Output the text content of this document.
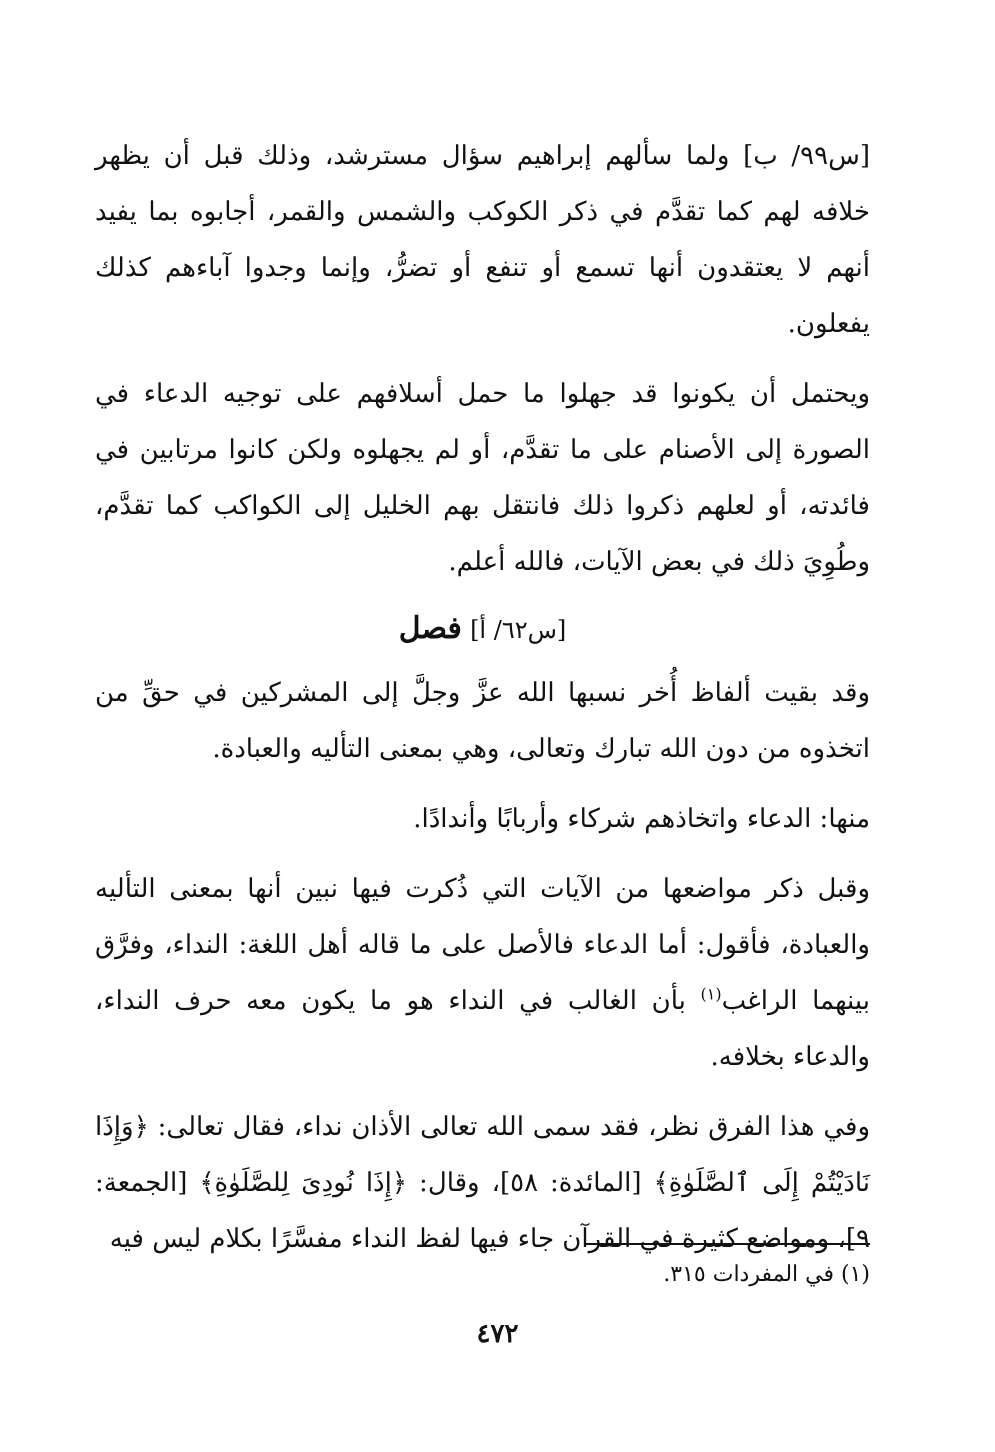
[س٩٩/ ب] ولما سألهم إبراهيم سؤال مسترشد، وذلك قبل أن يظهر خلافه لهم كما تقدَّم في ذكر الكوكب والشمس والقمر، أجابوه بما يفيد أنهم لا يعتقدون أنها تسمع أو تنفع أو تضرُّ، وإنما وجدوا آباءهم كذلك يفعلون.

ويحتمل أن يكونوا قد جهلوا ما حمل أسلافهم على توجيه الدعاء في الصورة إلى الأصنام على ما تقدَّم، أو لم يجهلوه ولكن كانوا مرتابين في فائدته، أو لعلهم ذكروا ذلك فانتقل بهم الخليل إلى الكواكب كما تقدَّم، وطُوِيَ ذلك في بعض الآيات، فالله أعلم.

[س٦٢/ أ] فصل

وقد بقيت ألفاظ أُخر نسبها الله عزَّ وجلَّ إلى المشركين في حقِّ من اتخذوه من دون الله تبارك وتعالى، وهي بمعنى التأليه والعبادة.

منها: الدعاء واتخاذهم شركاء وأربابًا وأندادًا.

وقبل ذكر مواضعها من الآيات التي ذُكرت فيها نبين أنها بمعنى التأليه والعبادة، فأقول: أما الدعاء فالأصل على ما قاله أهل اللغة: النداء، وفرَّق بينهما الراغب$^{(١)}$ بأن الغالب في النداء هو ما يكون معه حرف النداء، والدعاء بخلافه.

وفي هذا الفرق نظر، فقد سمى الله تعالى الأذان نداء، فقال تعالى: ﴿وَإِذَا نَادَيْتُمْ إِلَى ٱلصَّلَوٰةِ﴾ [المائدة: ٥٨]، وقال: ﴿إِذَا نُودِىَ لِلصَّلَوٰةِ﴾ [الجمعة: ٩]، ومواضع كثيرة في القرآن جاء فيها لفظ النداء مفسَّرًا بكلام ليس فيه

(١) في المفردات ٣١٥.
٤٧٢
